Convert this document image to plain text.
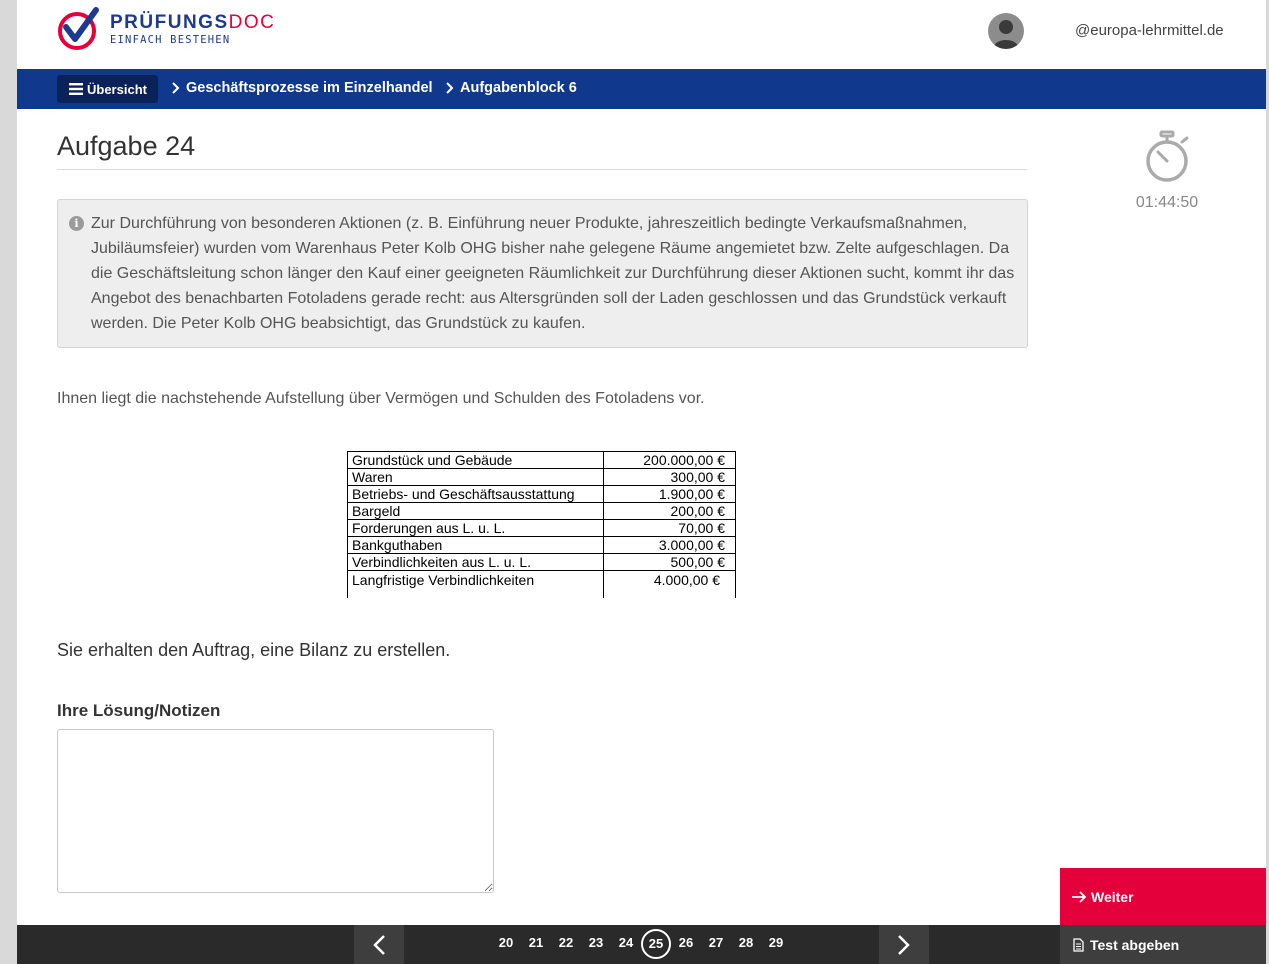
PRÜFUNGSDOC
EINFACH BESTEHEN
@europa-lehrmittel.de
Übersicht	Geschäftsprozesse im Einzelhandel Aufgabenblock 6
Aufgabe 24
01:44:50
i Zur Durchführung von besonderen Aktionen (z. B. Einführung neuer Produkte, jahreszeitlich bedingte Verkaufsmaßnahmen, Jubiläumsfeier) wurden vom Warenhaus Peter Kolb OHG bisher nahe gelegene Räume angemietet bzw. Zelte aufgeschlagen. Da die Geschäftsleitung schon länger den Kauf einer geeigneten Räumlichkeit zur Durchführung dieser Aktionen sucht, kommt ihr das Angebot des benachbarten Fotoladens gerade recht: aus Altersgründen soll der Laden geschlossen und das Grundstück verkauft werden. Die Peter Kolb OHG beabsichtigt, das Grundstück zu kaufen.
Ihnen liegt die nachstehende Aufstellung über Vermögen und Schulden des Fotoladens vor.
Grundstück und Gebäude	200.000,00 €
Waren	300,00 €
Betriebs- und Geschäftsausstattung	1.900,00 €
Bargeld	200,00 €
Forderungen aus L. u. L.	70,00 €
Bankguthaben	3.000,00 €
Verbindlichkeiten aus L. u. L.	500,00 €
Langfristige Verbindlichkeiten	4.000,00 €
Sie erhalten den Auftrag, eine Bilanz zu erstellen.
Ihre Lösung/Notizen
Weiter
20	21	22	23	24	25	26	27	28	29	Test abgeben
